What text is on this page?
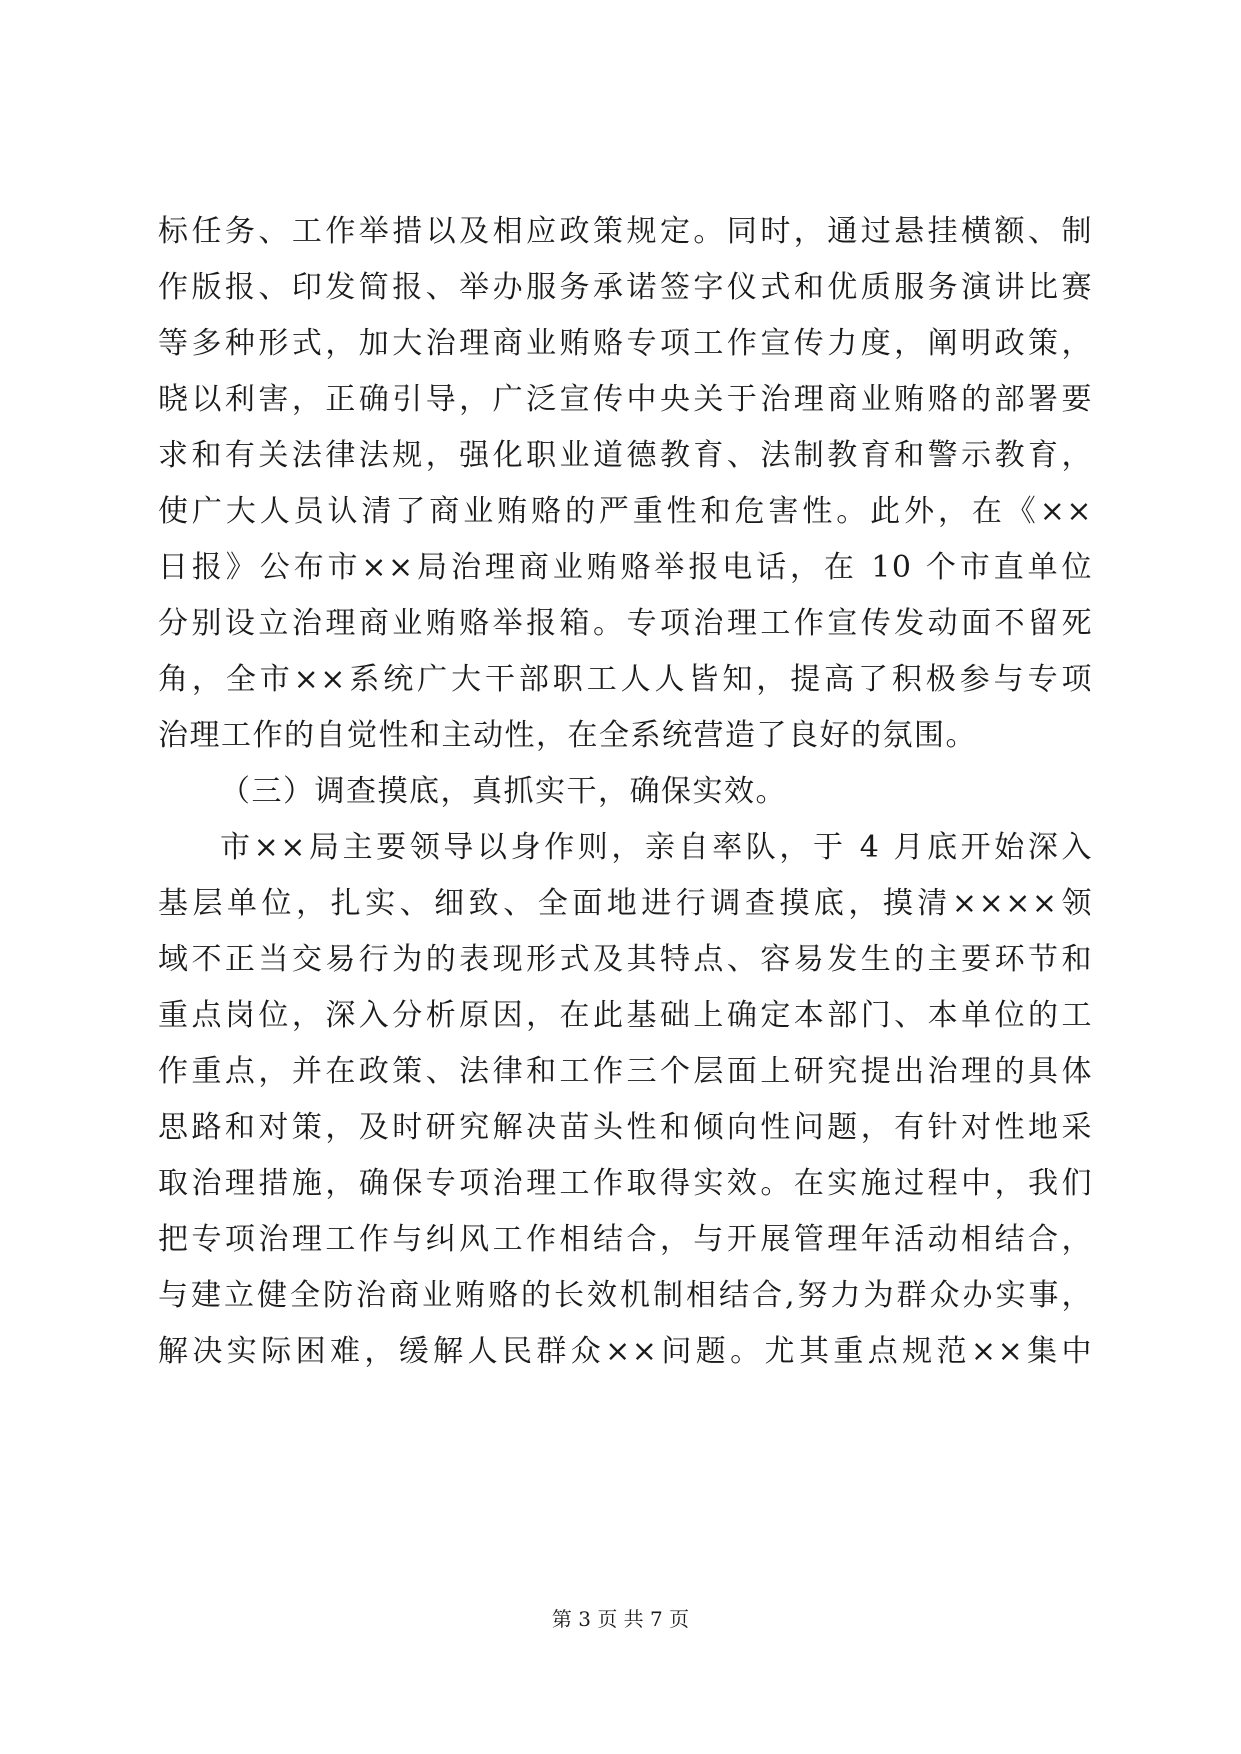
标任务、工作举措以及相应政策规定。同时，通过悬挂横额、制
作版报、印发简报、举办服务承诺签字仪式和优质服务演讲比赛
等多种形式，加大治理商业贿赂专项工作宣传力度，阐明政策，
晓以利害，正确引导，广泛宣传中央关于治理商业贿赂的部署要
求和有关法律法规，强化职业道德教育、法制教育和警示教育，
使广大人员认清了商业贿赂的严重性和危害性。此外，在《××
日报》公布市××局治理商业贿赂举报电话，在 10 个市直单位
分别设立治理商业贿赂举报箱。专项治理工作宣传发动面不留死
角，全市××系统广大干部职工人人皆知，提高了积极参与专项
治理工作的自觉性和主动性，在全系统营造了良好的氛围。
（三）调查摸底，真抓实干，确保实效。
市××局主要领导以身作则，亲自率队，于 4 月底开始深入
基层单位，扎实、细致、全面地进行调查摸底，摸清××××领
域不正当交易行为的表现形式及其特点、容易发生的主要环节和
重点岗位，深入分析原因，在此基础上确定本部门、本单位的工
作重点，并在政策、法律和工作三个层面上研究提出治理的具体
思路和对策，及时研究解决苗头性和倾向性问题，有针对性地采
取治理措施，确保专项治理工作取得实效。在实施过程中，我们
把专项治理工作与纠风工作相结合，与开展管理年活动相结合，
与建立健全防治商业贿赂的长效机制相结合,努力为群众办实事，
解决实际困难，缓解人民群众××问题。尤其重点规范××集中
第 3 页 共 7 页
